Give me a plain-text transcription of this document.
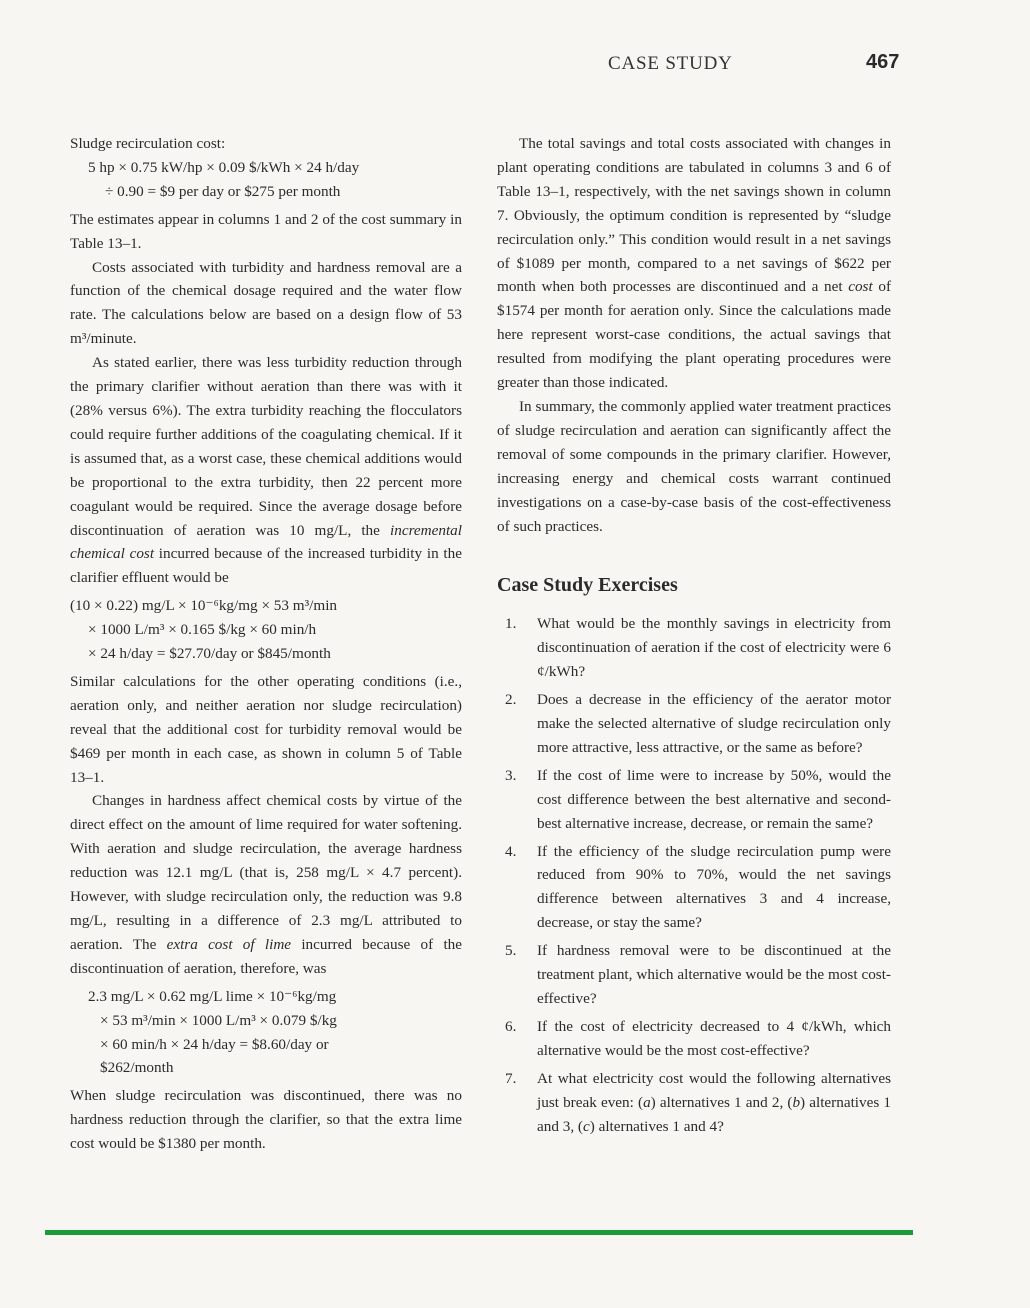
CASE STUDY	467

Sludge recirculation cost:

5 hp × 0.75 kW/hp × 0.09 $/kWh × 24 h/day
÷ 0.90 = $9 per day or $275 per month

The estimates appear in columns 1 and 2 of the cost summary in Table 13–1.

Costs associated with turbidity and hardness removal are a function of the chemical dosage required and the water flow rate. The calculations below are based on a design flow of 53 m³/minute.

As stated earlier, there was less turbidity reduction through the primary clarifier without aeration than there was with it (28% versus 6%). The extra turbidity reaching the flocculators could require further additions of the coagulating chemical. If it is assumed that, as a worst case, these chemical additions would be proportional to the extra turbidity, then 22 percent more coagulant would be required. Since the average dosage before discontinuation of aeration was 10 mg/L, the incremental chemical cost incurred because of the increased turbidity in the clarifier effluent would be

(10 × 0.22) mg/L × 10⁻⁶kg/mg × 53 m³/min
× 1000 L/m³ × 0.165 $/kg × 60 min/h
× 24 h/day = $27.70/day or $845/month

Similar calculations for the other operating conditions (i.e., aeration only, and neither aeration nor sludge recirculation) reveal that the additional cost for turbidity removal would be $469 per month in each case, as shown in column 5 of Table 13–1.

Changes in hardness affect chemical costs by virtue of the direct effect on the amount of lime required for water softening. With aeration and sludge recirculation, the average hardness reduction was 12.1 mg/L (that is, 258 mg/L × 4.7 percent). However, with sludge recirculation only, the reduction was 9.8 mg/L, resulting in a difference of 2.3 mg/L attributed to aeration. The extra cost of lime incurred because of the discontinuation of aeration, therefore, was

2.3 mg/L × 0.62 mg/L lime × 10⁻⁶kg/mg
× 53 m³/min × 1000 L/m³ × 0.079 $/kg
× 60 min/h × 24 h/day = $8.60/day or
$262/month

When sludge recirculation was discontinued, there was no hardness reduction through the clarifier, so that the extra lime cost would be $1380 per month.

The total savings and total costs associated with changes in plant operating conditions are tabulated in columns 3 and 6 of Table 13–1, respectively, with the net savings shown in column 7. Obviously, the optimum condition is represented by “sludge recirculation only.” This condition would result in a net savings of $1089 per month, compared to a net savings of $622 per month when both processes are discontinued and a net cost of $1574 per month for aeration only. Since the calculations made here represent worst-case conditions, the actual savings that resulted from modifying the plant operating procedures were greater than those indicated.

In summary, the commonly applied water treatment practices of sludge recirculation and aeration can significantly affect the removal of some compounds in the primary clarifier. However, increasing energy and chemical costs warrant continued investigations on a case-by-case basis of the cost-effectiveness of such practices.

Case Study Exercises
1.	What would be the monthly savings in electricity from discontinuation of aeration if the cost of electricity were 6 ¢/kWh?
2.	Does a decrease in the efficiency of the aerator motor make the selected alternative of sludge recirculation only more attractive, less attractive, or the same as before?
3.	If the cost of lime were to increase by 50%, would the cost difference between the best alternative and second-best alternative increase, decrease, or remain the same?
4.	If the efficiency of the sludge recirculation pump were reduced from 90% to 70%, would the net savings difference between alternatives 3 and 4 increase, decrease, or stay the same?
5.	If hardness removal were to be discontinued at the treatment plant, which alternative would be the most cost-effective?
6.	If the cost of electricity decreased to 4 ¢/kWh, which alternative would be the most cost-effective?
7.	At what electricity cost would the following alternatives just break even: (a) alternatives 1 and 2, (b) alternatives 1 and 3, (c) alternatives 1 and 4?
